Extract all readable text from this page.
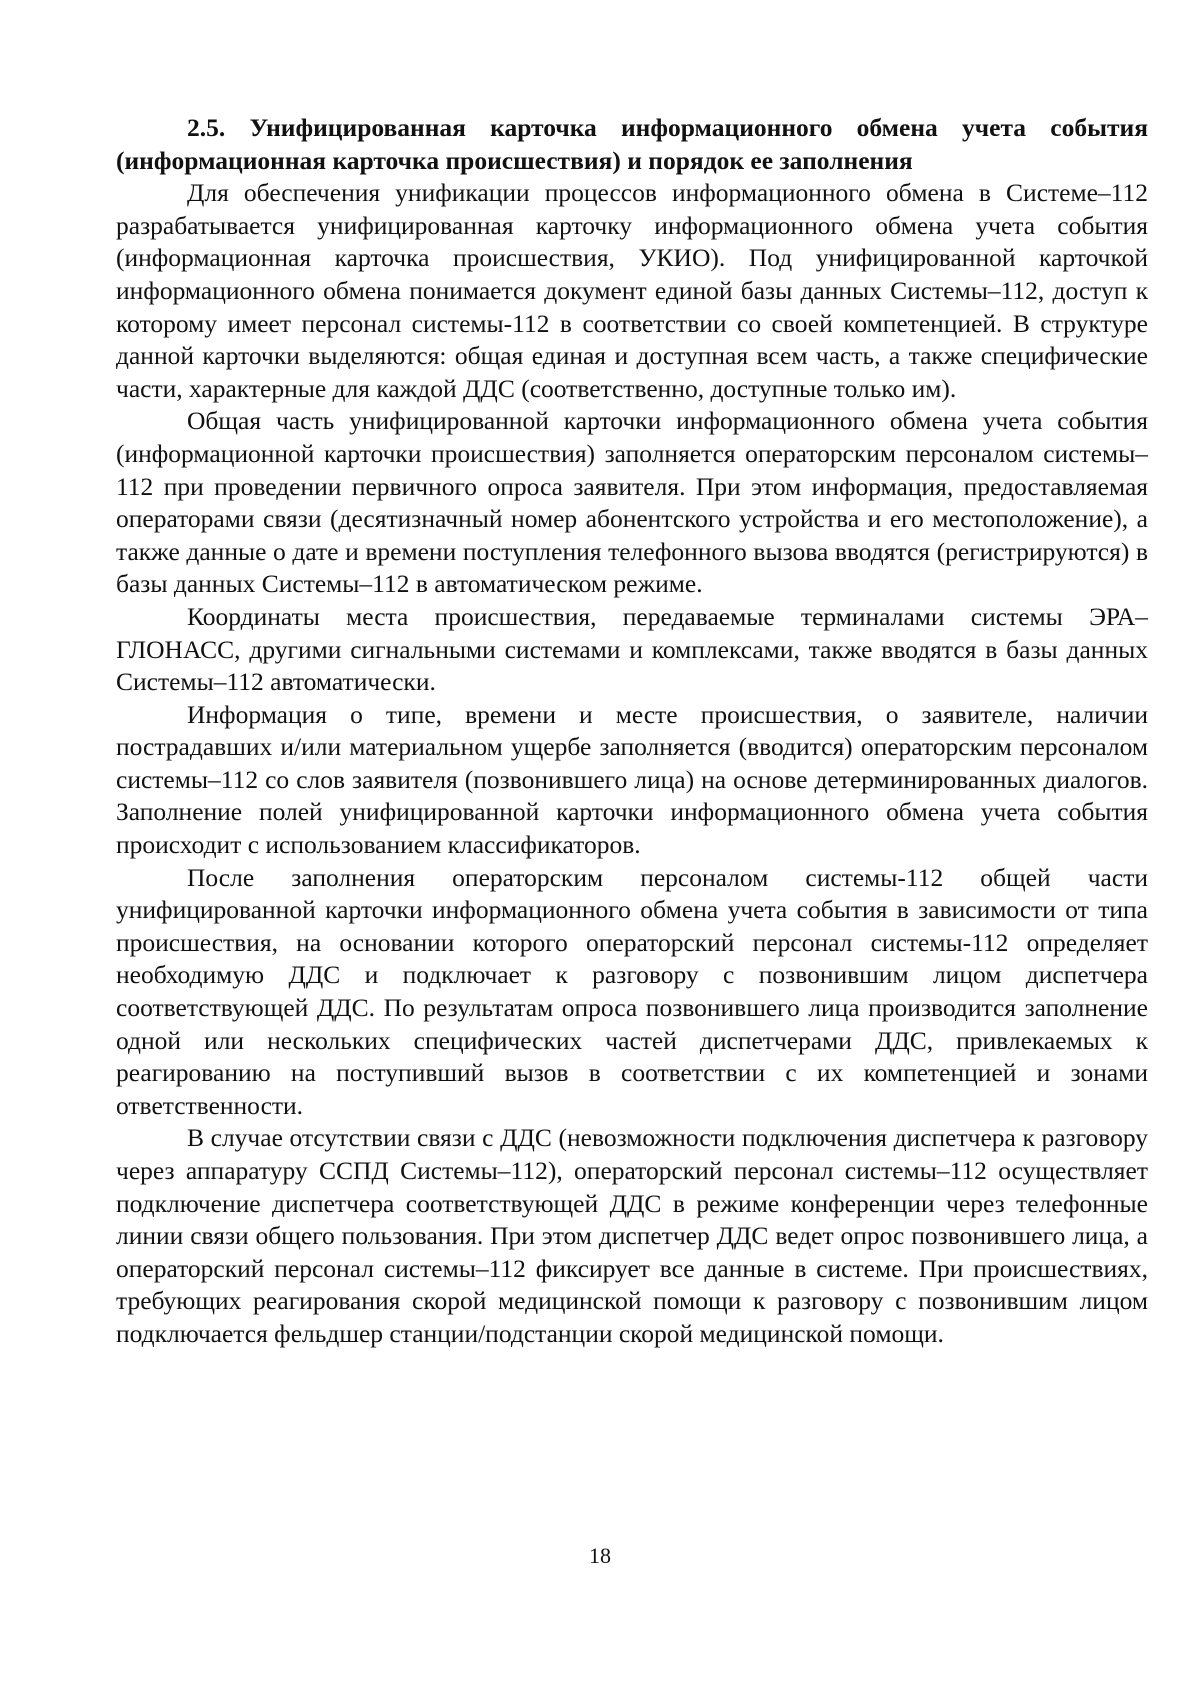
2.5. Унифицированная карточка информационного обмена учета события (информационная карточка происшествия) и порядок ее заполнения

Для обеспечения унификации процессов информационного обмена в Системе–112 разрабатывается унифицированная карточку информационного обмена учета события (информационная карточка происшествия, УКИО). Под унифицированной карточкой информационного обмена понимается документ единой базы данных Системы–112, доступ к которому имеет персонал системы-112 в соответствии со своей компетенцией. В структуре данной карточки выделяются: общая единая и доступная всем часть, а также специфические части, характерные для каждой ДДС (соответственно, доступные только им).

Общая часть унифицированной карточки информационного обмена учета события (информационной карточки происшествия) заполняется операторским персоналом системы–112 при проведении первичного опроса заявителя. При этом информация, предоставляемая операторами связи (десятизначный номер абонентского устройства и его местоположение), а также данные о дате и времени поступления телефонного вызова вводятся (регистрируются) в базы данных Системы–112 в автоматическом режиме.

Координаты места происшествия, передаваемые терминалами системы ЭРА–ГЛОНАСС, другими сигнальными системами и комплексами, также вводятся в базы данных Системы–112 автоматически.

Информация о типе, времени и месте происшествия, о заявителе, наличии пострадавших и/или материальном ущербе заполняется (вводится) операторским персоналом системы–112 со слов заявителя (позвонившего лица) на основе детерминированных диалогов. Заполнение полей унифицированной карточки информационного обмена учета события происходит с использованием классификаторов.

После заполнения операторским персоналом системы-112 общей части унифицированной карточки информационного обмена учета события в зависимости от типа происшествия, на основании которого операторский персонал системы-112 определяет необходимую ДДС и подключает к разговору с позвонившим лицом диспетчера соответствующей ДДС. По результатам опроса позвонившего лица производится заполнение одной или нескольких специфических частей диспетчерами ДДС, привлекаемых к реагированию на поступивший вызов в соответствии с их компетенцией и зонами ответственности.

В случае отсутствии связи с ДДС (невозможности подключения диспетчера к разговору через аппаратуру ССПД Системы–112), операторский персонал системы–112 осуществляет подключение диспетчера соответствующей ДДС в режиме конференции через телефонные линии связи общего пользования. При этом диспетчер ДДС ведет опрос позвонившего лица, а операторский персонал системы–112 фиксирует все данные в системе. При происшествиях, требующих реагирования скорой медицинской помощи к разговору с позвонившим лицом подключается фельдшер станции/подстанции скорой медицинской помощи.

18
